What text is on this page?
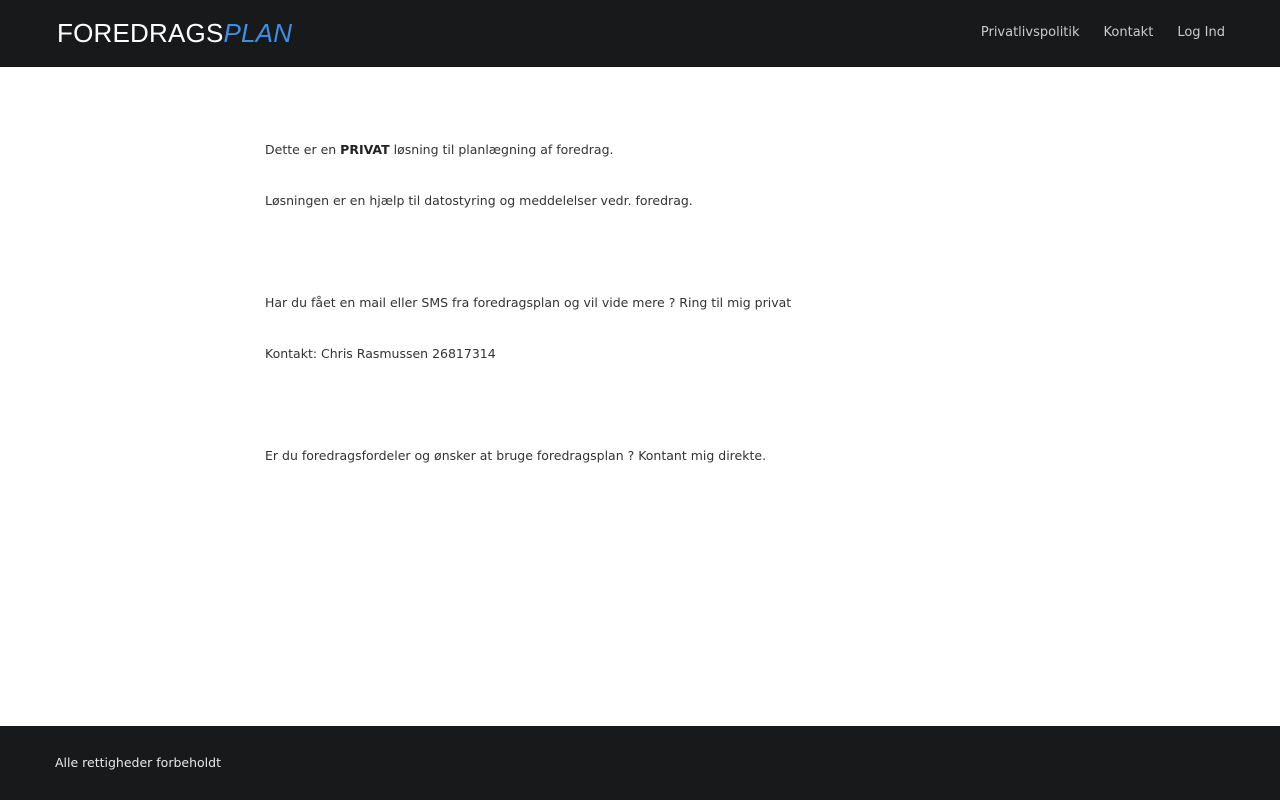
FOREDRAGSPLAN	Privatlivspolitik Kontakt Log Ind

Dette er en PRIVAT løsning til planlægning af foredrag.

Løsningen er en hjælp til datostyring og meddelelser vedr. foredrag.

Har du fået en mail eller SMS fra foredragsplan og vil vide mere ? Ring til mig privat

Kontakt: Chris Rasmussen 26817314

Er du foredragsfordeler og ønsker at bruge foredragsplan ? Kontant mig direkte.

Alle rettigheder forbeholdt
